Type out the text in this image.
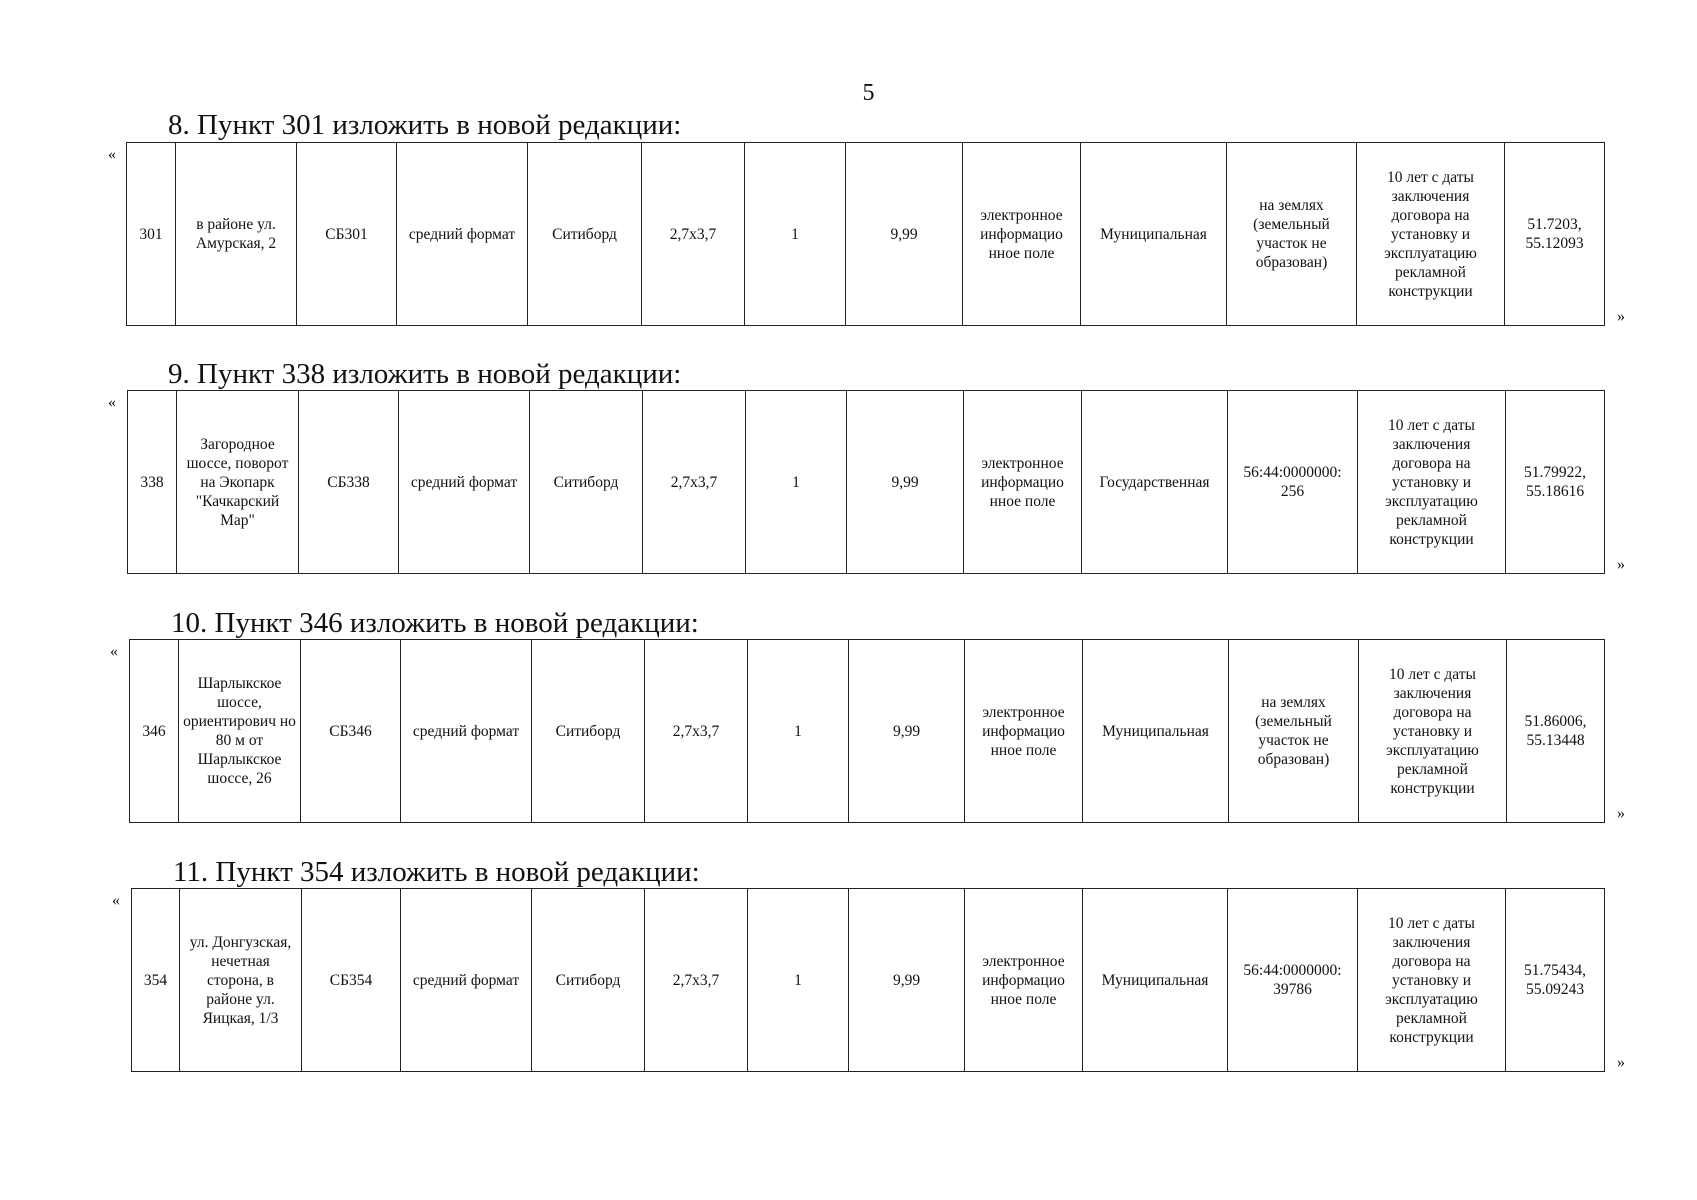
5
8. Пункт 301 изложить в новой редакции:
«
301	в районе ул. Амурская, 2	СБ301	средний формат	Ситиборд	2,7х3,7	1	9,99	электронное информацио нное поле	Муниципальная	на землях (земельный участок не образован)	10 лет с даты заключения договора на установку и эксплуатацию рекламной конструкции	51.7203, 55.12093
»
9. Пункт 338 изложить в новой редакции:
«
338	Загородное шоссе, поворот на Экопарк "Качкарский Мар"	СБ338	средний формат	Ситиборд	2,7х3,7	1	9,99	электронное информацио нное поле	Государственная	56:44:0000000: 256	10 лет с даты заключения договора на установку и эксплуатацию рекламной конструкции	51.79922, 55.18616
»
10. Пункт 346 изложить в новой редакции:
«
346	Шарлыкское шоссе, ориентирович но 80 м от Шарлыкское шоссе, 26	СБ346	средний формат	Ситиборд	2,7х3,7	1	9,99	электронное информацио нное поле	Муниципальная	на землях (земельный участок не образован)	10 лет с даты заключения договора на установку и эксплуатацию рекламной конструкции	51.86006, 55.13448
»
11. Пункт 354 изложить в новой редакции:
«
354	ул. Донгузская, нечетная сторона, в районе ул. Яицкая, 1/3	СБ354	средний формат	Ситиборд	2,7х3,7	1	9,99	электронное информацио нное поле	Муниципальная	56:44:0000000: 39786	10 лет с даты заключения договора на установку и эксплуатацию рекламной конструкции	51.75434, 55.09243
»
